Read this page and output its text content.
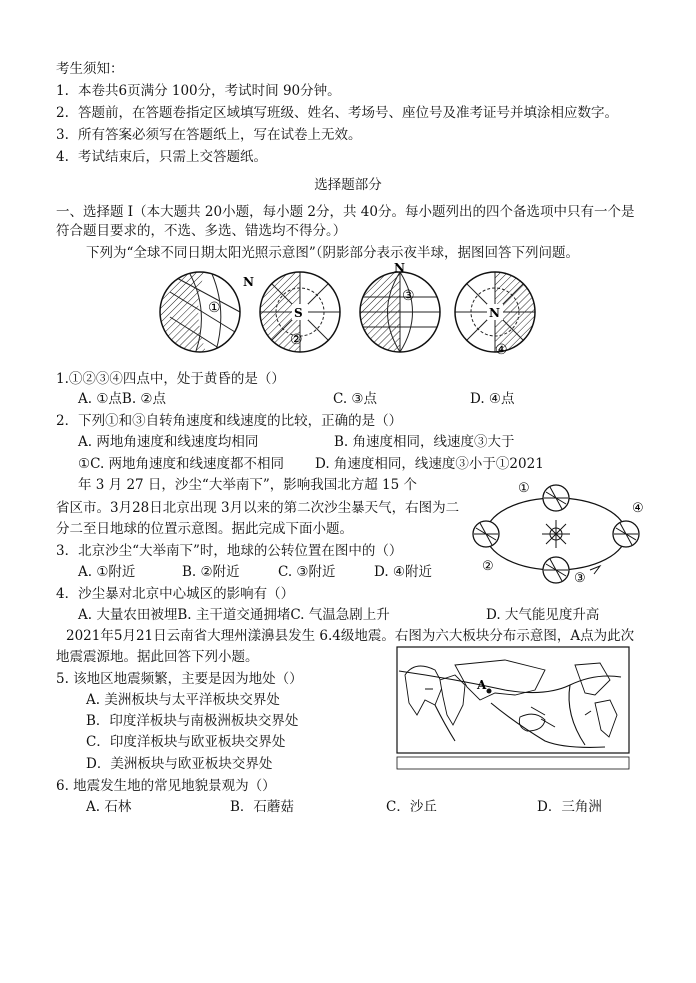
考生须知：
1. 本卷共6页满分 100分，考试时间 90分钟。
2. 答题前，在答题卷指定区域填写班级、姓名、考场号、座位号及准考证号并填涂相应数字。
3. 所有答案必须写在答题纸上，写在试卷上无效。
4. 考试结束后，只需上交答题纸。
选择题部分
一、选择题 Ⅰ（本大题共 20小题，每小题 2分，共 40分。每小题列出的四个备选项中只有一个是
符合题目要求的，不选、多选、错选均不得分。）
下列为“全球不同日期太阳光照示意图”（阴影部分表示夜半球，据图回答下列问题。
N
①	S
②
N
③
N
④
1.①②③④四点中，处于黄昏的是（）
A. ①点B. ②点	C. ③点	D. ④点
2．下列①和③自转角速度和线速度的比较，正确的是（）
A. 两地角速度和线速度均相同	B. 角速度相同，线速度③大于
①C. 两地角速度和线速度都不相同 D. 角速度相同，线速度③小于①2021
年 3 月 27 日，沙尘“大举南下”，影响我国北方超 15 个
省区市。3月28日北京出现 3月以来的第二次沙尘暴天气，右图为二
分二至日地球的位置示意图。据此完成下面小题。
①
②
③
④
3．北京沙尘“大举南下”时，地球的公转位置在图中的（）
A. ①附近	B. ②附近	C. ③附近	D. ④附近
4．沙尘暴对北京中心城区的影响有（）
A. 大量农田被埋B. 主干道交通拥堵C. 气温急剧上升	D. 大气能见度升高
2021年5月21日云南省大理州漾濞县发生 6.4级地震。右图为六大板块分布示意图，A点为此次
地震震源地。据此回答下列小题。
A
5. 该地区地震频繁，主要是因为地处（）
A. 美洲板块与太平洋板块交界处
B．印度洋板块与南极洲板块交界处
C．印度洋板块与欧亚板块交界处
D．美洲板块与欧亚板块交界处
6. 地震发生地的常见地貌景观为（）
A. 石林	B．石蘑菇	C．沙丘	D．三角洲
